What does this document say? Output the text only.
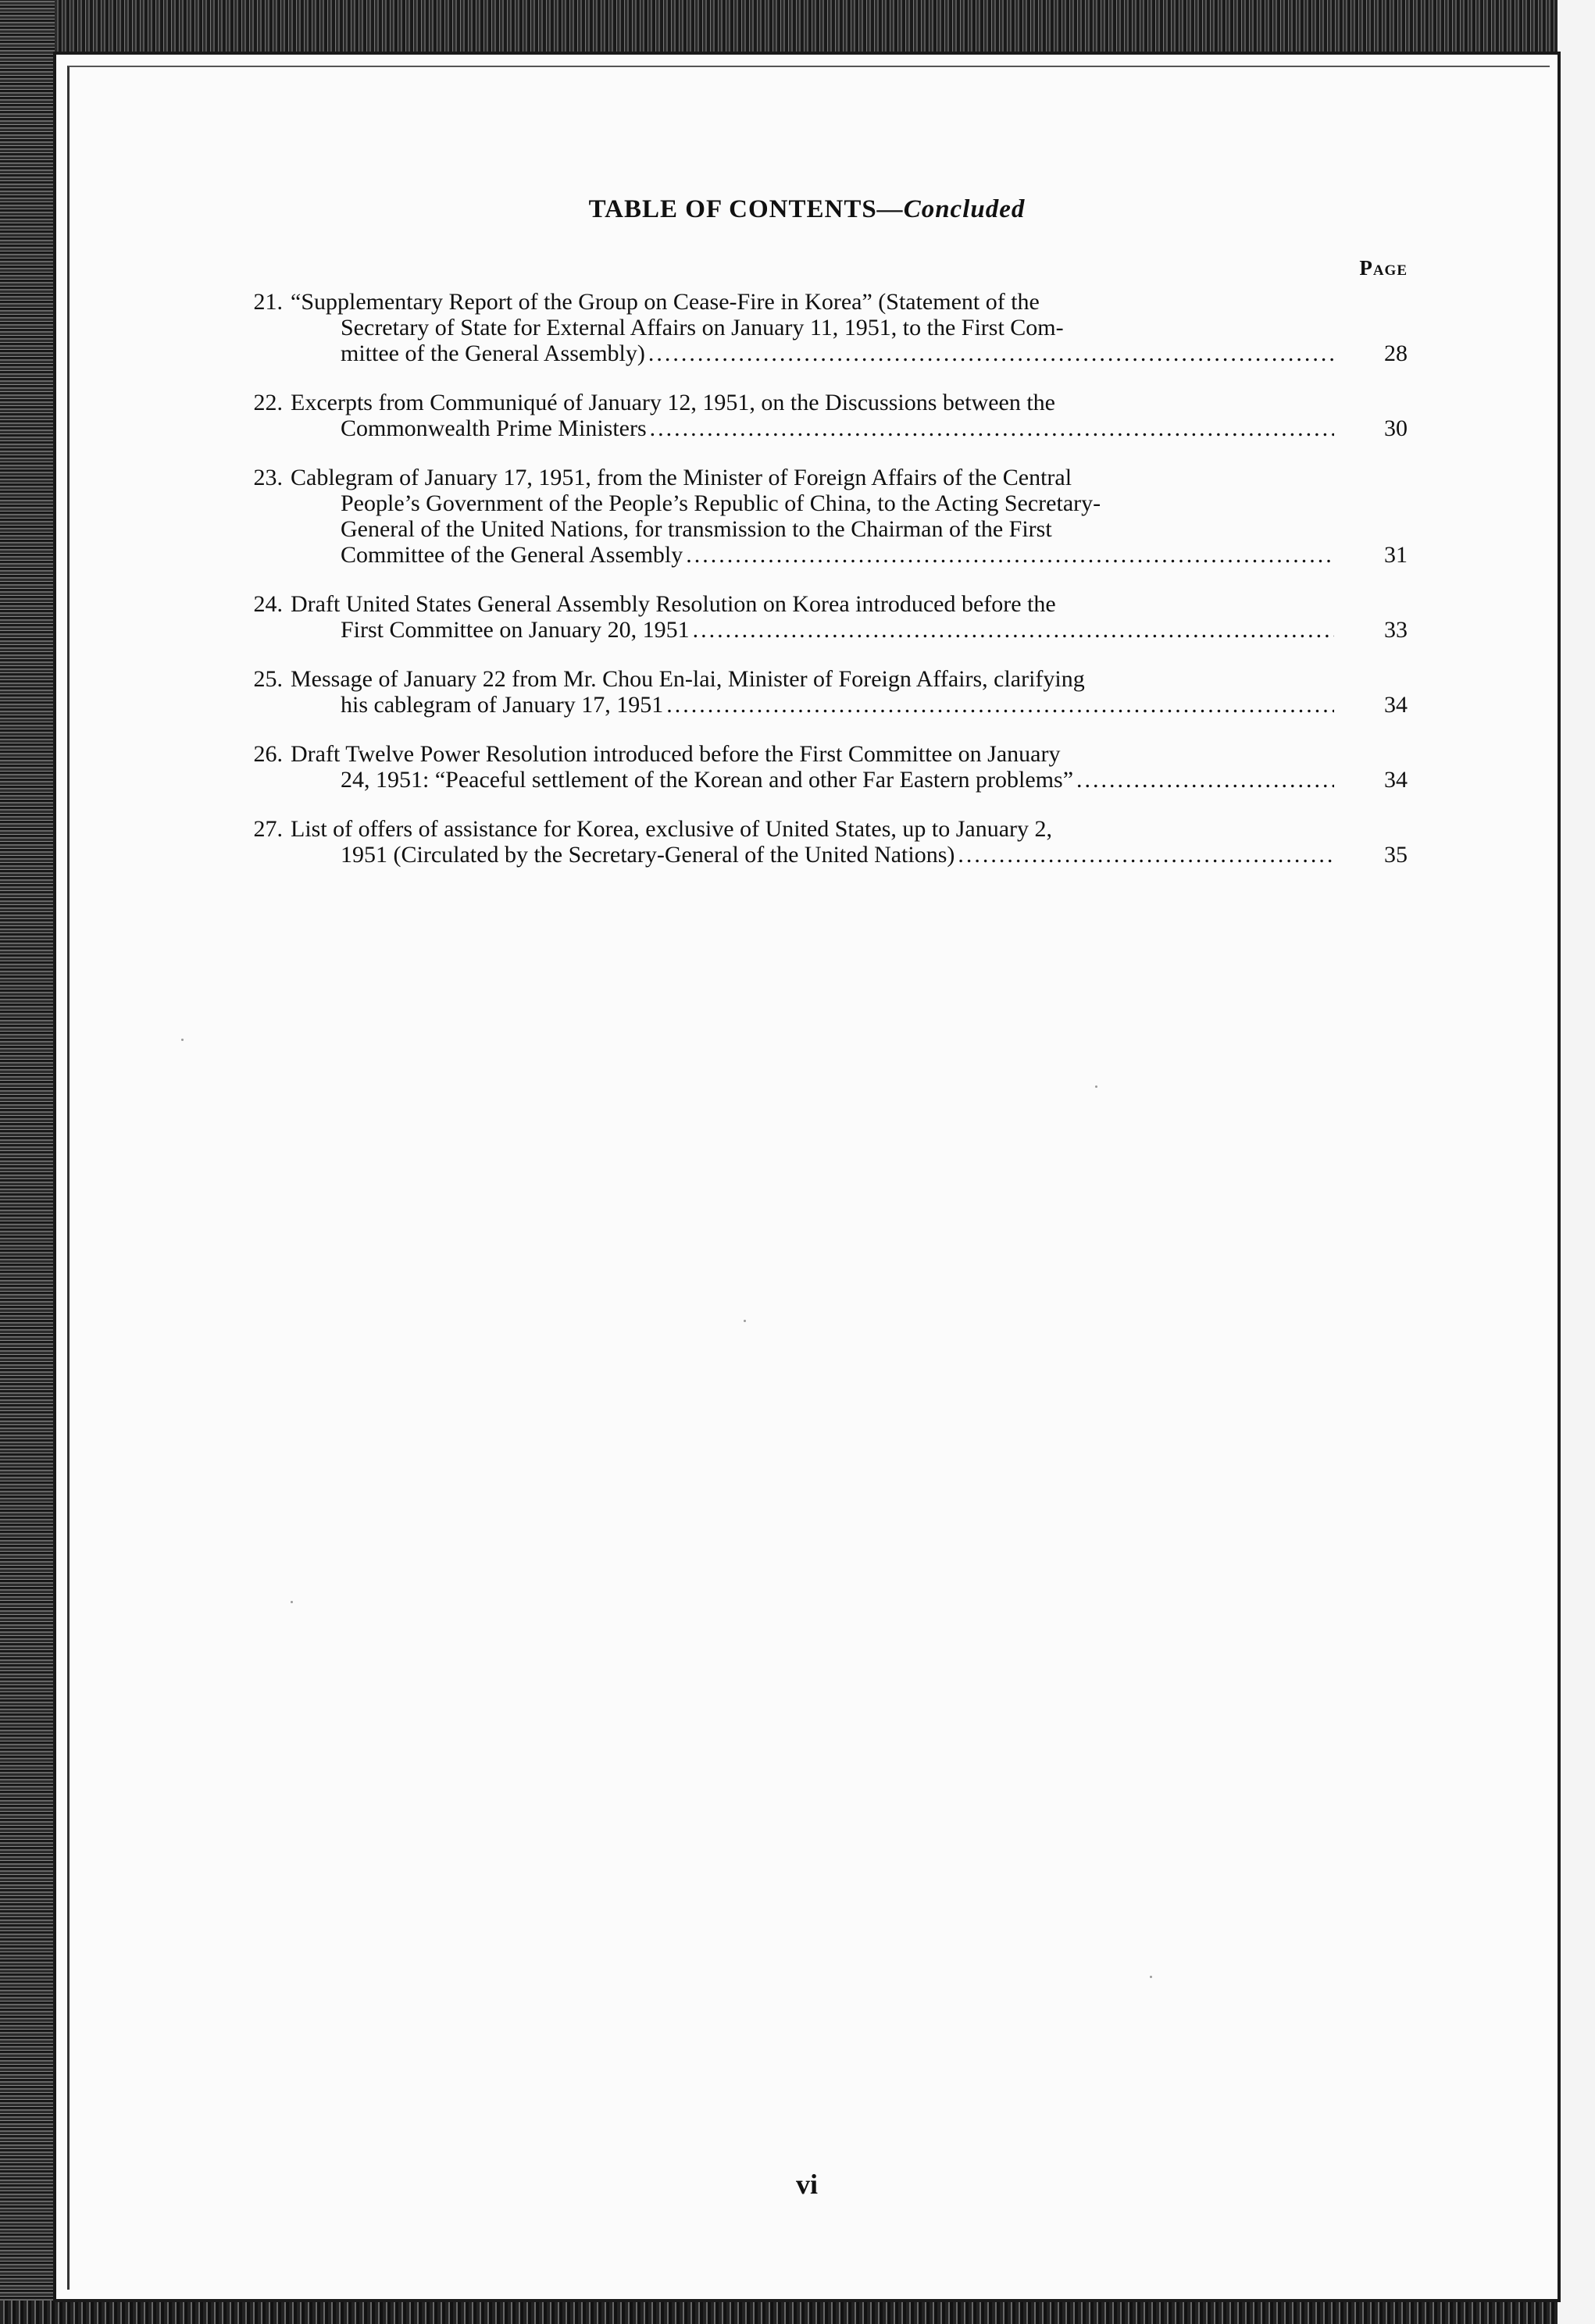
TABLE OF CONTENTS—Concluded
Page
21. “Supplementary Report of the Group on Cease-Fire in Korea” (Statement of the
Secretary of State for External Affairs on January 11, 1951, to the First Com-
mittee of the General Assembly) .....	28
22. Excerpts from Communiqué of January 12, 1951, on the Discussions between the
Commonwealth Prime Ministers .....	30
23. Cablegram of January 17, 1951, from the Minister of Foreign Affairs of the Central
People’s Government of the People’s Republic of China, to the Acting Secretary-
General of the United Nations, for transmission to the Chairman of the First
Committee of the General Assembly .....	31
24. Draft United States General Assembly Resolution on Korea introduced before the
First Committee on January 20, 1951 .....	33
25. Message of January 22 from Mr. Chou En-lai, Minister of Foreign Affairs, clarifying
his cablegram of January 17, 1951 .....	34
26. Draft Twelve Power Resolution introduced before the First Committee on January
24, 1951: “Peaceful settlement of the Korean and other Far Eastern problems” .....	34
27. List of offers of assistance for Korea, exclusive of United States, up to January 2,
1951 (Circulated by the Secretary-General of the United Nations) .....	35
vi
